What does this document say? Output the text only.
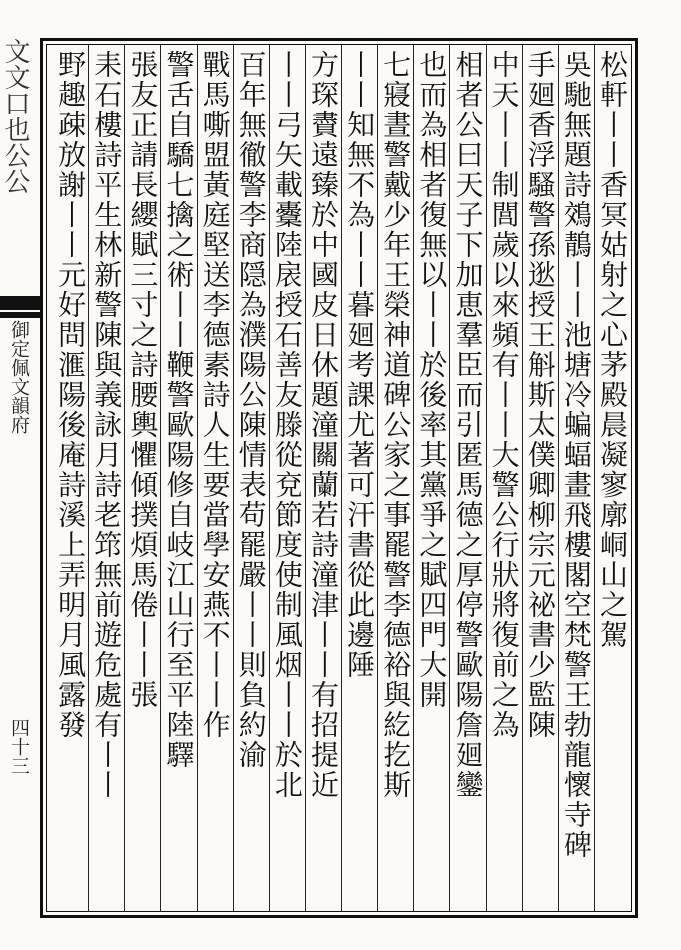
文文口也公公
御定佩文韻府
四十三
松軒丨丨香冥姑射之心茅殿晨凝寥廓峒山之駕
吳馳無題詩鵁鶄丨丨池塘冷蝙蝠畫飛樓閣空梵警王勃龍懷寺碑
手廻香浮騷警孫逖授王斛斯太僕卿柳宗元祕書少監陳
中天丨丨制閭歲以來頻有丨丨大警公行狀將復前之為
相者公曰天子下加恵羣臣而引匿馬德之厚停警歐陽詹廻鑾
也而為相者復無以丨丨於後率其黨爭之賦四門大開
七寢晝警戴少年王榮神道碑公家之事罷警李德裕與紇扢斯
丨丨知無不為丨丨暮廻考課尤著可汗書從此邊陲
方琛賮遠臻於中國皮日休題潼關蘭若詩潼津丨丨有招提近
丨丨弓矢載櫜陸扆授石善友滕從兗節度使制風烟丨丨於北
百年無徹警李商隠為濮陽公陳情表苟罷嚴丨丨則負約渝
戰馬嘶盟黃庭堅送李德素詩人生要當學安燕不丨丨作
警舌自驕七擒之術丨丨鞭警歐陽修自岐江山行至平陸驛
張友正請長纓賦三寸之詩腰輿懼傾撲煩馬倦丨丨張
耒石樓詩平生林新警陳與義詠月詩老筇無前遊危處有丨丨
野趣疎放謝丨丨元好問滙陽後庵詩溪上弄明月風露發
